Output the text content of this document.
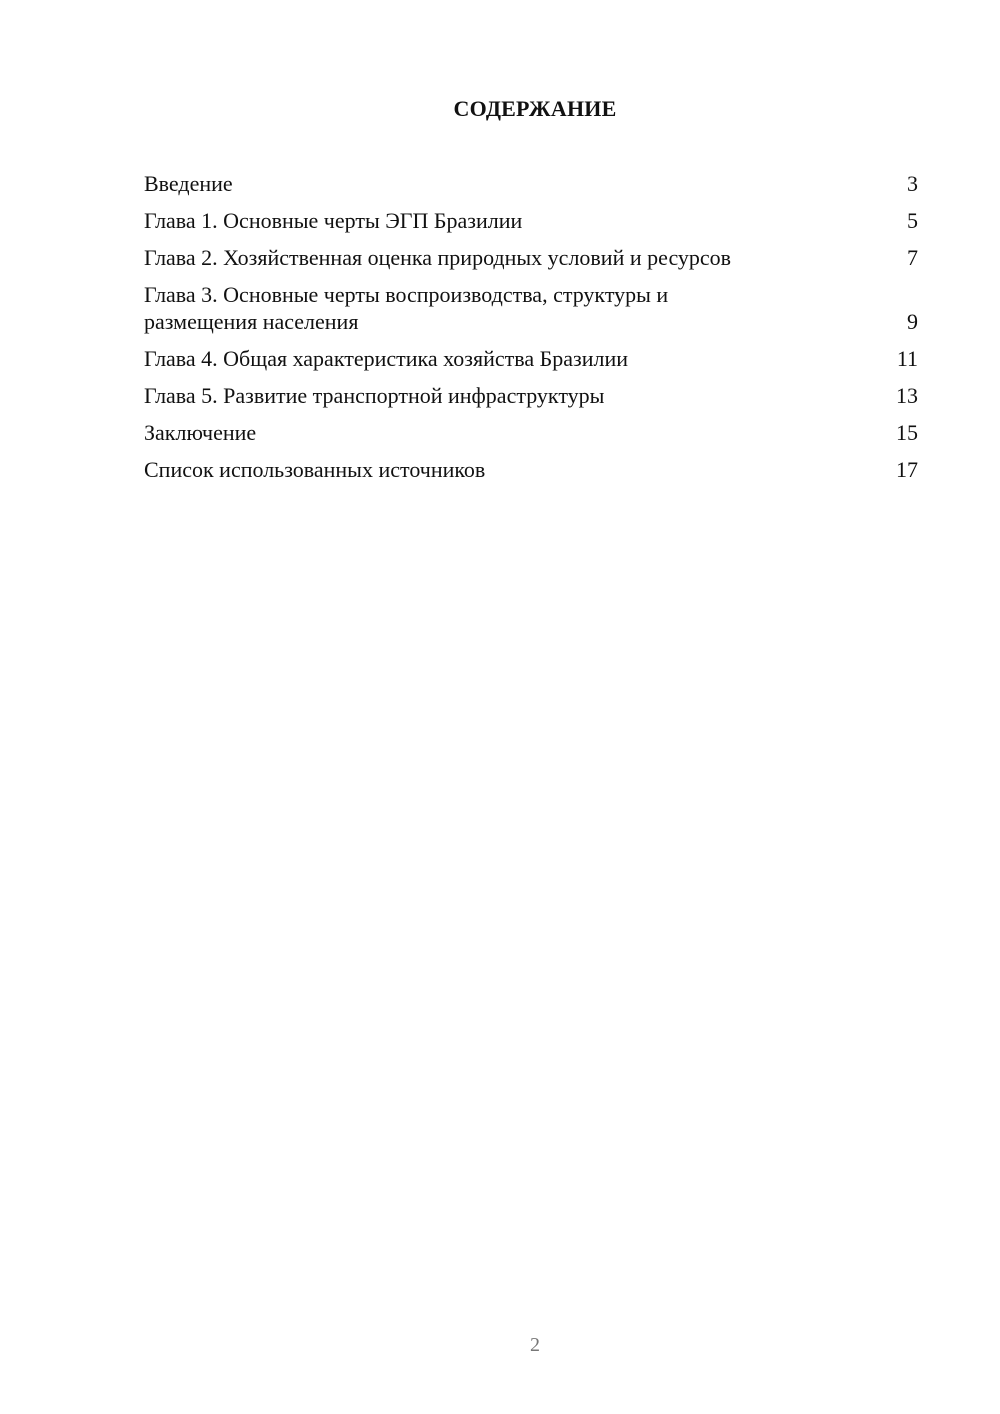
СОДЕРЖАНИЕ
Введение	3
Глава 1. Основные черты ЭГП Бразилии	5
Глава 2. Хозяйственная оценка природных условий и ресурсов	7
Глава 3. Основные черты воспроизводства, структуры и размещения населения	9
Глава 4. Общая характеристика хозяйства Бразилии	11
Глава 5. Развитие транспортной инфраструктуры	13
Заключение	15
Список использованных источников	17
2
